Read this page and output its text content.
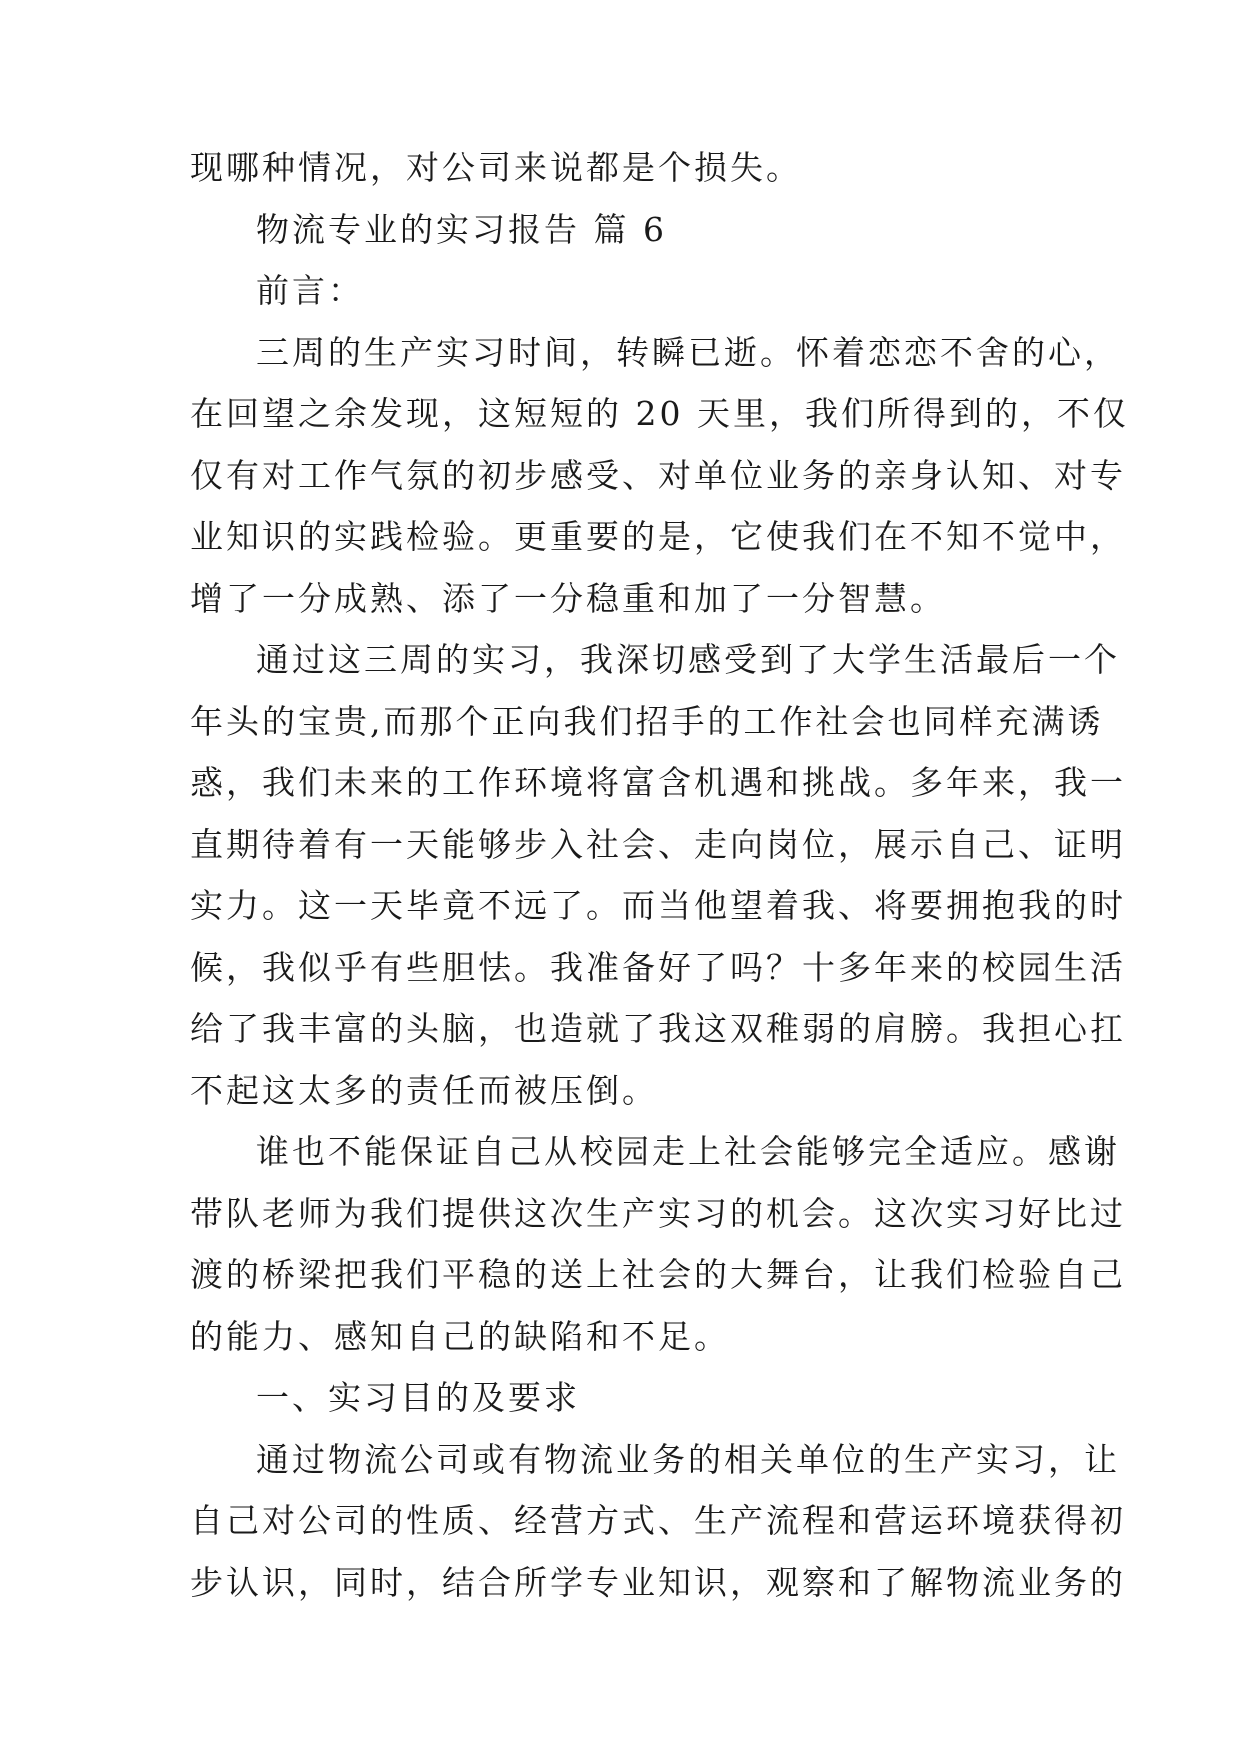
现哪种情况，对公司来说都是个损失。
物流专业的实习报告 篇 6
前言：
三周的生产实习时间，转瞬已逝。怀着恋恋不舍的心，
在回望之余发现，这短短的 20 天里，我们所得到的，不仅
仅有对工作气氛的初步感受、对单位业务的亲身认知、对专
业知识的实践检验。更重要的是，它使我们在不知不觉中，
增了一分成熟、添了一分稳重和加了一分智慧。
通过这三周的实习，我深切感受到了大学生活最后一个
年头的宝贵,而那个正向我们招手的工作社会也同样充满诱
惑，我们未来的工作环境将富含机遇和挑战。多年来，我一
直期待着有一天能够步入社会、走向岗位，展示自己、证明
实力。这一天毕竟不远了。而当他望着我、将要拥抱我的时
候，我似乎有些胆怯。我准备好了吗？十多年来的校园生活
给了我丰富的头脑，也造就了我这双稚弱的肩膀。我担心扛
不起这太多的责任而被压倒。
谁也不能保证自己从校园走上社会能够完全适应。感谢
带队老师为我们提供这次生产实习的机会。这次实习好比过
渡的桥梁把我们平稳的送上社会的大舞台，让我们检验自己
的能力、感知自己的缺陷和不足。
一、实习目的及要求
通过物流公司或有物流业务的相关单位的生产实习，让
自己对公司的性质、经营方式、生产流程和营运环境获得初
步认识，同时，结合所学专业知识，观察和了解物流业务的
